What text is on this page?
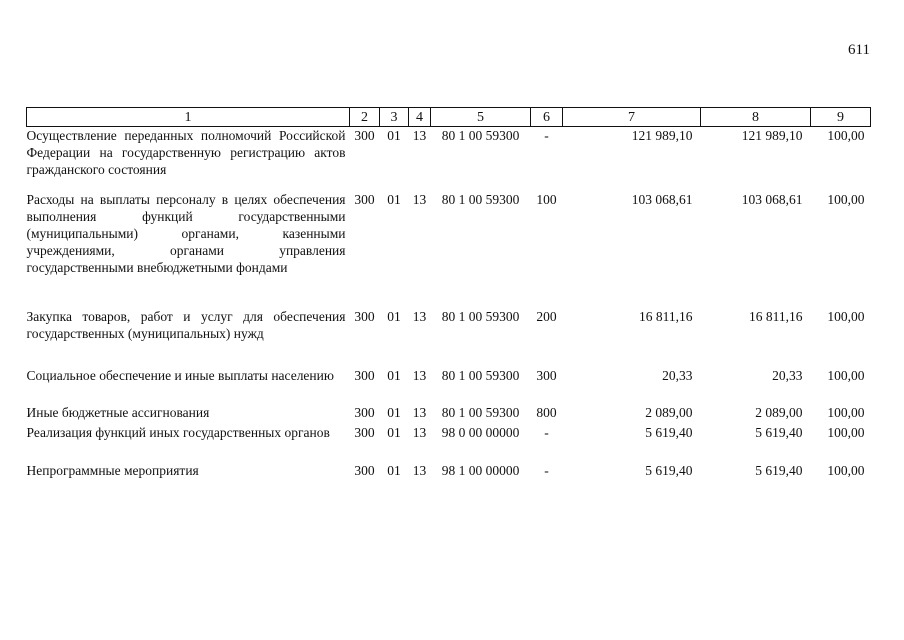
611
1	2	3	4	5	6	7	8	9
Осуществление переданных полномочий Российской Федерации на государственную регистрацию актов гражданского состояния	300	01	13	80 1 00 59300	-	121 989,10	121 989,10	100,00
Расходы на выплаты персоналу в целях обеспечения выполнения функций государственными (муниципальными) органами, казенными учреждениями, органами управления государственными внебюджетными фондами	300	01	13	80 1 00 59300	100	103 068,61	103 068,61	100,00
Закупка товаров, работ и услуг для обеспечения государственных (муниципальных) нужд	300	01	13	80 1 00 59300	200	16 811,16	16 811,16	100,00
Социальное обеспечение и иные выплаты населению	300	01	13	80 1 00 59300	300	20,33	20,33	100,00
Иные бюджетные ассигнования	300	01	13	80 1 00 59300	800	2 089,00	2 089,00	100,00
Реализация функций иных государственных органов	300	01	13	98 0 00 00000	-	5 619,40	5 619,40	100,00
Непрограммные мероприятия	300	01	13	98 1 00 00000	-	5 619,40	5 619,40	100,00
